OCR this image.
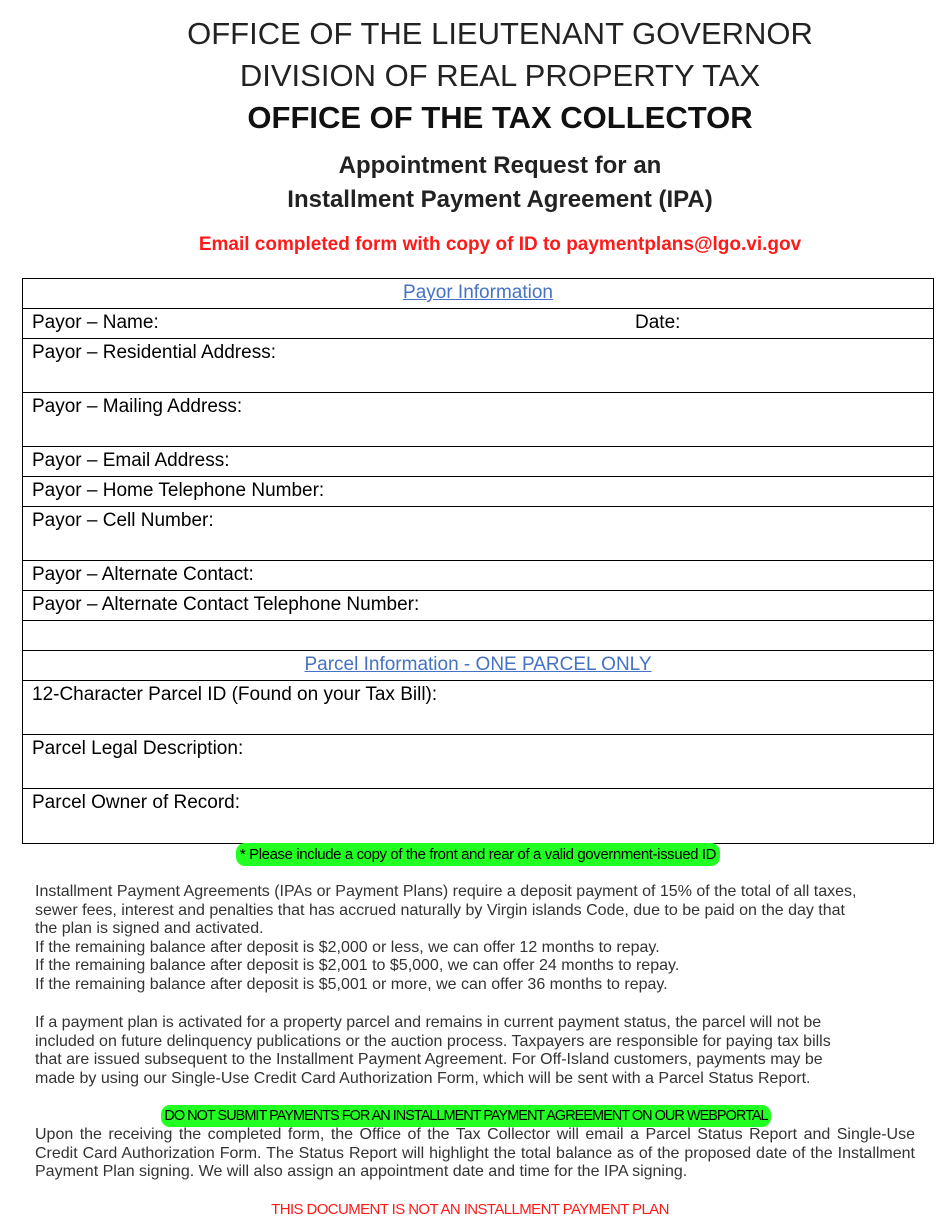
OFFICE OF THE LIEUTENANT GOVERNOR
DIVISION OF REAL PROPERTY TAX
OFFICE OF THE TAX COLLECTOR
Appointment Request for an
Installment Payment Agreement (IPA)
Email completed form with copy of ID to paymentplans@lgo.vi.gov
Payor Information
Payor – Name:	Date:
Payor – Residential Address:
Payor – Mailing Address:
Payor – Email Address:
Payor – Home Telephone Number:
Payor – Cell Number:
Payor – Alternate Contact:
Payor – Alternate Contact Telephone Number:
Parcel Information - ONE PARCEL ONLY
12-Character Parcel ID (Found on your Tax Bill):
Parcel Legal Description:
Parcel Owner of Record:
* Please include a copy of the front and rear of a valid government-issued ID
Installment Payment Agreements (IPAs or Payment Plans) require a deposit payment of 15% of the total of all taxes,
sewer fees, interest and penalties that has accrued naturally by Virgin islands Code, due to be paid on the day that
the plan is signed and activated.
If the remaining balance after deposit is $2,000 or less, we can offer 12 months to repay.
If the remaining balance after deposit is $2,001 to $5,000, we can offer 24 months to repay.
If the remaining balance after deposit is $5,001 or more, we can offer 36 months to repay.
If a payment plan is activated for a property parcel and remains in current payment status, the parcel will not be
included on future delinquency publications or the auction process. Taxpayers are responsible for paying tax bills
that are issued subsequent to the Installment Payment Agreement. For Off-Island customers, payments may be
made by using our Single-Use Credit Card Authorization Form, which will be sent with a Parcel Status Report.
DO NOT SUBMIT PAYMENTS FOR AN INSTALLMENT PAYMENT AGREEMENT ON OUR WEBPORTAL
Upon the receiving the completed form, the Office of the Tax Collector will email a Parcel Status Report and Single-Use Credit Card Authorization Form. The Status Report will highlight the total balance as of the proposed date of the Installment Payment Plan signing. We will also assign an appointment date and time for the IPA signing.
THIS DOCUMENT IS NOT AN INSTALLMENT PAYMENT PLAN
